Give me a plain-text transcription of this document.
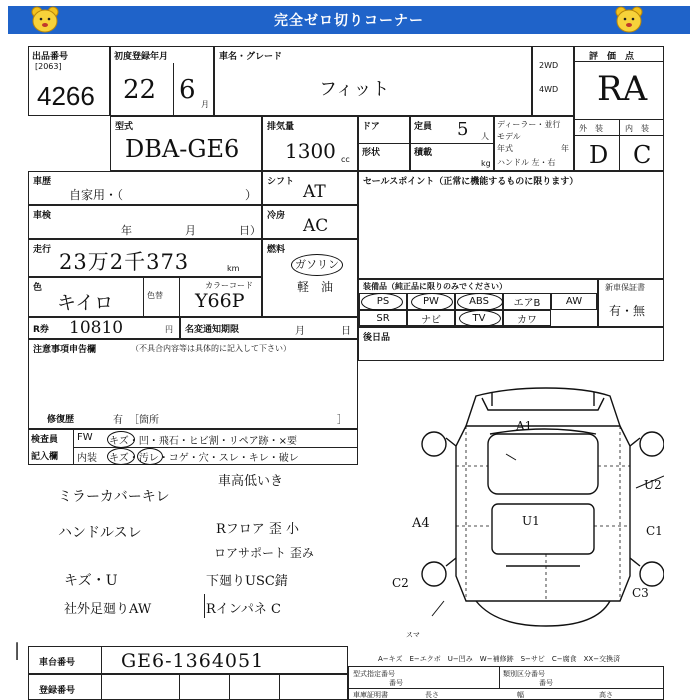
完全ゼロ切りコーナー
出品番号
[2063]
4266
初度登録年月
22 6 月
車名・グレード
フィット
2WD
4WD
評　価　点
RA
外　装	内　装
D C
型式
DBA-GE6
排気量
1300 cc
ドア
形状
定員 5 人
積載
kg
ディーラー・並行
モデル
年式	年
ハンドル 左・右
車歴
自家用・（	）
車検
年	月	日）
走行 23万2千373	km
色
キイロ	色替
カラーコード
Y66P
シフト AT
冷房 AC
燃料
ガソリン
軽　油
セールスポイント（正常に機能するものに限ります）
装備品（純正品に限りのみでください）
PS	PW	ABS エアB	AW
SR	ナビ	TV	カワ
新車保証書
有・無
後日品
R券 10810	円 名変通知期限	月	日
注意事項申告欄	（不具合内容等は具体的に記入して下さい）
修復歴	有 ［箇所	］
検査員
記入欄
FW キズ・凹・飛石・ヒビ割・リペア跡・×要
内装 キズ・汚レ・コゲ・穴・スレ・キレ・破レ
ミラーカバーキレ
ハンドルスレ
キズ・U
社外足廻りAW
車高低いき
Rフロア 歪 小
ロアサポート 歪み
下廻りUSC錆
Rインパネ C
A1
U1
A4
U2
C1
C2
C3
スマ
|
車台番号 GE6-1364051
登録番号
A−キズ　E−エクボ　U−凹み　W−補修跡　S−サビ　C−腐食　XX−交換済
型式指定番号
番号
類別区分番号
番号
車庫証明書	長さ	幅	高さ
